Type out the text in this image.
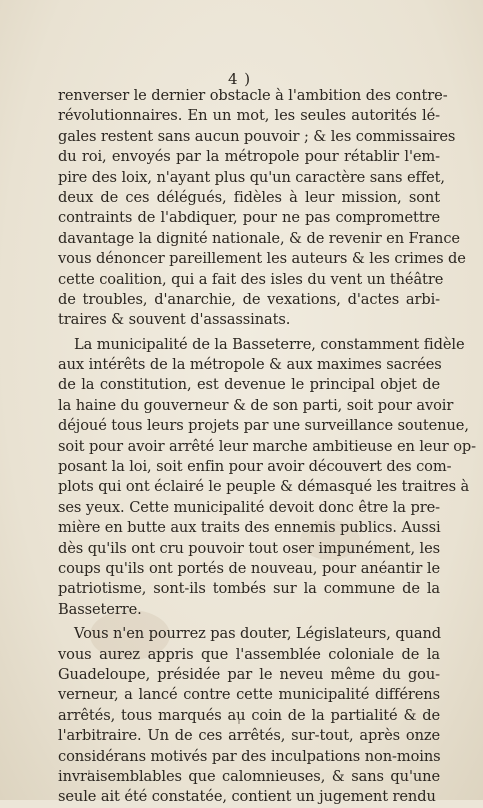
4 )
renverser le dernier obstacle à l'ambition des contre-
révolutionnaires. En un mot, les seules autorités lé-
gales restent sans aucun pouvoir ; & les commissaires
du roi, envoyés par la métropole pour rétablir l'em-
pire des loix, n'ayant plus qu'un caractère sans effet,
deux de ces délégués, fidèles à leur mission, sont
contraints de l'abdiquer, pour ne pas compromettre
davantage la dignité nationale, & de revenir en France
vous dénoncer pareillement les auteurs & les crimes de
cette coalition, qui a fait des isles du vent un théâtre
de troubles, d'anarchie, de vexations, d'actes arbi-
traires & souvent d'assassinats.
La municipalité de la Basseterre, constamment fidèle
aux intérêts de la métropole & aux maximes sacrées
de la constitution, est devenue le principal objet de
la haine du gouverneur & de son parti, soit pour avoir
déjoué tous leurs projets par une surveillance soutenue,
soit pour avoir arrêté leur marche ambitieuse en leur op-
posant la loi, soit enfin pour avoir découvert des com-
plots qui ont éclairé le peuple & démasqué les traitres à
ses yeux. Cette municipalité devoit donc être la pre-
mière en butte aux traits des ennemis publics. Aussi
dès qu'ils ont cru pouvoir tout oser impunément, les
coups qu'ils ont portés de nouveau, pour anéantir le
patriotisme, sont-ils tombés sur la commune de la
Basseterre.
Vous n'en pourrez pas douter, Législateurs, quand
vous aurez appris que l'assemblée coloniale de la
Guadeloupe, présidée par le neveu même du gou-
verneur, a lancé contre cette municipalité différens
arrêtés, tous marqués au coin de la partialité & de
l'arbitraire. Un de ces arrêtés, sur-tout, après onze
considérans motivés par des inculpations non-moins
invraisemblables que calomnieuses, & sans qu'une
seule ait été constatée, contient un jugement rendu
